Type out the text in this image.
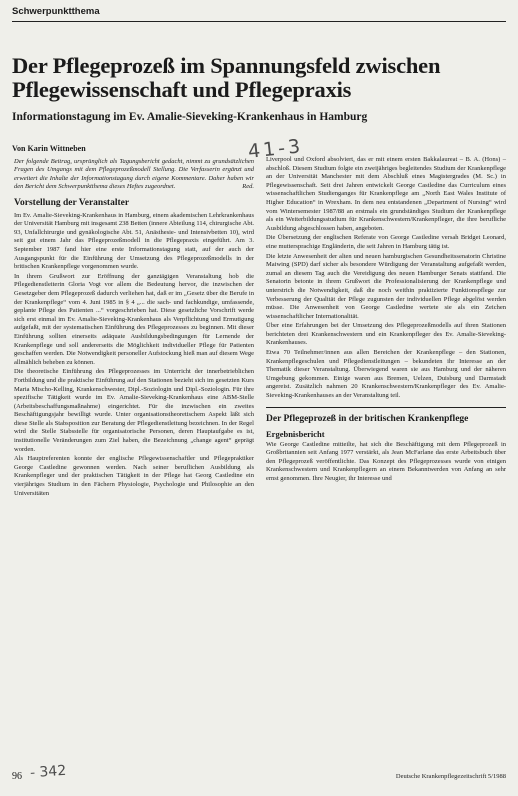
Schwerpunktthema
Der Pflegeprozeß im Spannungsfeld zwischen Pflegewissenschaft und Pflegepraxis
Informationstagung im Ev. Amalie-Sieveking-Krankenhaus in Hamburg
Von Karin Wittneben	41-3

Der folgende Beitrag, ursprünglich als Tagungsbericht gedacht, nimmt zu grundsätzlichen Fragen des Umgangs mit dem Pflegeprozeßmodell Stellung. Die Verfasserin ergänzt und erweitert die Inhalte der Informationstagung durch eigene Kommentare. Daher haben wir den Bericht dem Schwerpunktthema dieses Heftes zugeordnet.	Red.

Vorstellung der Veranstalter

Im Ev. Amalie-Sieveking-Krankenhaus in Hamburg, einem akademischen Lehrkrankenhaus der Universität Hamburg mit insgesamt 238 Betten (innere Abteilung 114, chirurgische Abt. 93, Unfallchirurgie und gynäkologische Abt. 51, Anästhesie- und Intensivbetten 10), wird seit gut einem Jahr das Pflegeprozeßmodell in die Pflegepraxis eingeführt. Am 3. September 1987 fand hier eine erste Informationstagung statt, auf der auch der Ausgangspunkt für die Einführung der Umsetzung des Pflegeprozeßmodells in der britischen Krankenpflege vorgenommen wurde.

In ihrem Grußwort zur Eröffnung der ganztägigen Veranstaltung hob die Pflegedienstleiterin Gloria Vogt vor allem die Bedeutung hervor, die inzwischen der Gesetzgeber dem Pflegeprozeß dadurch verliehen hat, daß er im „Gesetz über die Berufe in der Krankenpflege“ vom 4. Juni 1985 in § 4 „... die sach- und fachkundige, umfassende, geplante Pflege des Patienten ...“ vorgeschrieben hat. Diese gesetzliche Vorschrift werde sich erst einmal im Ev. Amalie-Sieveking-Krankenhaus als Verpflichtung und Ermutigung aufgefaßt, mit der systematischen Einführung des Pflegeprozesses zu beginnen. Mit dieser Einführung sollten einerseits adäquate Ausbildungsbedingungen für Lernende der Krankenpflege und soll andererseits die Möglichkeit individueller Pflege für Patienten geschaffen werden. Die Notwendigkeit personeller Aufstockung hieß man auf diesem Wege allmählich beheben zu können.

Die theoretische Einführung des Pflegeprozesses im Unterricht der innerbetrieblichen Fortbildung und die praktische Einführung auf den Stationen bezieht sich im gesetzten Kurs Maria Mischo-Kelling, Krankenschwester, Dipl.-Soziologin und Dipl.-Soziologin. Für ihre spezifische Tätigkeit wurde im Ev. Amalie-Sieveking-Krankenhaus eine ABM-Stelle (Arbeitsbeschaffungsmaßnahme) eingerichtet. Für die inzwischen ein zweites Beschäftigungsjahr bewilligt wurde. Unter organisationstheoretischem Aspekt läßt sich diese Stelle als Stabsposition zur Beratung der Pflegedienstleitung bezeichnen. In der Regel wird die Stelle Stabsstelle für organisatorische Personen, deren Hauptaufgabe es ist, institutionelle Veränderungen zum Ziel haben, die Bezeichnung „change agent“ geprägt worden.

Als Hauptreferenten konnte der englische Pflegewissenschaftler und Pflegepraktiker George Castledine gewonnen werden. Nach seiner beruflichen Ausbildung als Krankenpfleger und der praktischen Tätigkeit in der Pflege hat Georg Castledine ein vierjähriges Studium in den Fächern Physiologie, Psychologie und Philosophie an den Universitäten

Liverpool und Oxford absolviert, das er mit einem ersten Bakkalaureat – B. A. (Hons) – abschloß. Diesem Studium folgte ein zweijähriges begleitendes Studium der Krankenpflege an der Universität Manchester mit dem Abschluß eines Magistergrades (M. Sc.) in Pflegewissenschaft. Seit drei Jahren entwickelt George Castledine das Curriculum eines wissenschaftlichen Studienganges für Krankenpflege am „North East Wales Institute of Higher Education“ in Wrexham. In dem neu entstandenen „Department of Nursing“ wird vom Wintersemester 1987/88 an erstmals ein grundständiges Studium der Krankenpflege als ein Weiterbildungsstudium für Krankenschwestern/Krankenpfleger, die ihre berufliche Ausbildung abgeschlossen haben, angeboten.

Die Übersetzung der englischen Referate von George Castledine versah Bridget Leonard, eine muttersprachige Engländerin, die seit Jahren in Hamburg tätig ist.

Die letzte Anwesenheit der alten und neuen hamburgischen Gesundheitssenatorin Christine Maiwing (SPD) darf sicher als besondere Würdigung der Veranstaltung aufgefaßt werden, zumal an diesem Tag auch die Vereidigung des neuen Hamburger Senats stattfand. Die Senatorin betonte in ihrem Grußwort die Professionalisierung der Krankenpflege und unterstrich die Notwendigkeit, daß die noch weithin praktizierte Funktionspflege zur Verbesserung der Qualität der Pflege zugunsten der individuellen Pflege abgelöst werden müsse. Die Anwesenheit von George Castledine wertete sie als ein Zeichen wissenschaftlicher Internationalität.

Über eine Erfahrungen bei der Umsetzung des Pflegeprozeßmodells auf ihren Stationen berichteten drei Krankenschwestern und ein Krankenpfleger des Ev. Amalie-Sieveking-Krankenhauses.

Etwa 70 Teilnehmer/innen aus allen Bereichen der Krankenpflege – den Stationen, Krankenpflegeschulen und Pflegedienstleitungen – bekundeten ihr Interesse an der Thematik dieser Veranstaltung. Überwiegend waren sie aus Hamburg und der näheren Umgebung gekommen. Einige waren aus Bremen, Uelzen, Duisburg und Darmstadt angereist. Zusätzlich nahmen 20 Krankenschwestern/Krankenpfleger des Ev. Amalie-Sieveking-Krankenhauses an der Veranstaltung teil.

Der Pflegeprozeß in der britischen Krankenpflege
Ergebnisbericht

Wie George Castledine mitteilte, hat sich die Beschäftigung mit dem Pflegeprozeß in Großbritannien seit Anfang 1977 verstärkt, als Jean McFarlane das erste Arbeitsbuch über den Pflegeprozeß veröffentlichte. Das Konzept des Pflegeprozesses wurde von einigen Krankenschwestern und Krankenpflegern an einem Bekanntwerden von Anfang an sehr ernst genommen. Ihre Neugier, ihr Interesse und

96 - 342	Deutsche Krankenpflegezeitschrift 5/1988
